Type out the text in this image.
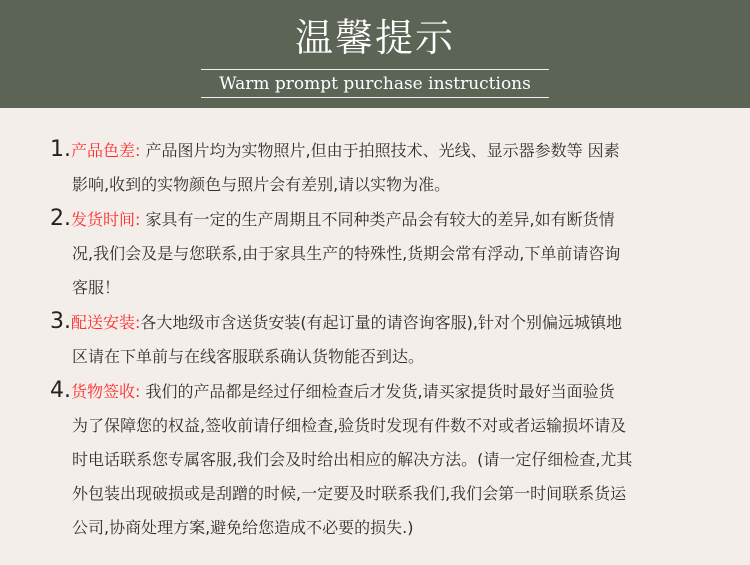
温馨提示
Warm prompt purchase instructions
1.产品色差: 产品图片均为实物照片,但由于拍照技术、光线、显示器参数等 因素
影响,收到的实物颜色与照片会有差别,请以实物为准。
2.发货时间: 家具有一定的生产周期且不同种类产品会有较大的差异,如有断货情
况,我们会及是与您联系,由于家具生产的特殊性,货期会常有浮动,下单前请咨询
客服！
3.配送安装:各大地级市含送货安装(有起订量的请咨询客服),针对个别偏远城镇地
区请在下单前与在线客服联系确认货物能否到达。
4.货物签收: 我们的产品都是经过仔细检查后才发货,请买家提货时最好当面验货
为了保障您的权益,签收前请仔细检查,验货时发现有件数不对或者运输损坏请及
时电话联系您专属客服,我们会及时给出相应的解决方法。(请一定仔细检查,尤其
外包装出现破损或是刮蹭的时候,一定要及时联系我们,我们会第一时间联系货运
公司,协商处理方案,避免给您造成不必要的损失.)
